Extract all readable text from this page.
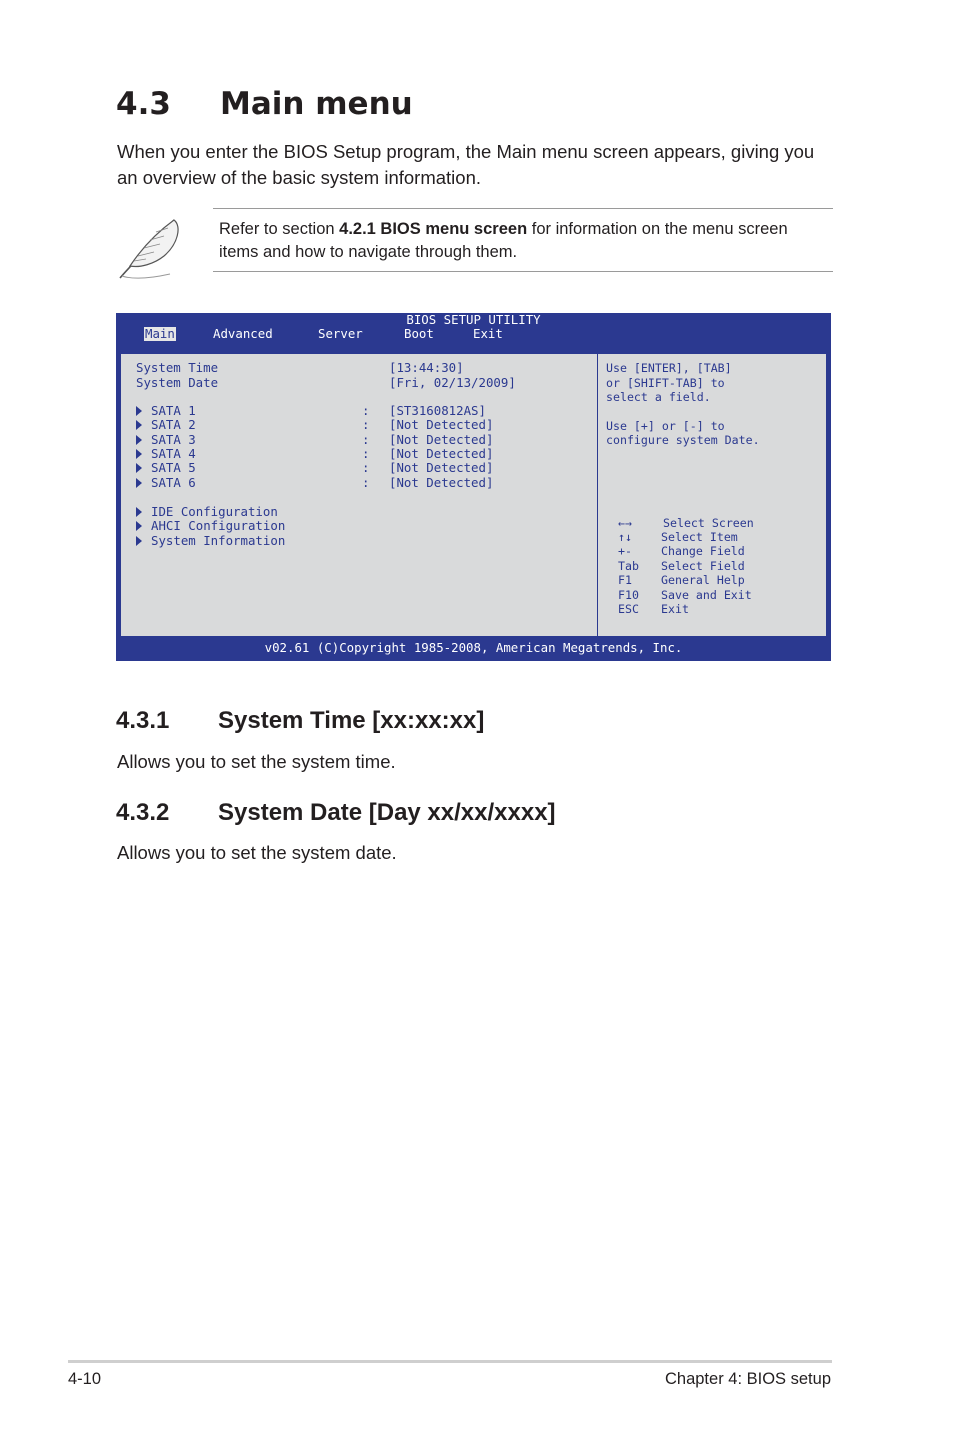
4.3 Main menu

When you enter the BIOS Setup program, the Main menu screen appears, giving you an overview of the basic system information.

Refer to section 4.2.1 BIOS menu screen for information on the menu screen items and how to navigate through them.

BIOS SETUP UTILITY
Main	Advanced	Server	Boot	Exit
System Time	[13:44:30]
System Date	[Fri, 02/13/2009]
SATA 1	: [ST3160812AS]
SATA 2	: [Not Detected]
SATA 3	: [Not Detected]
SATA 4	: [Not Detected]
SATA 5	: [Not Detected]
SATA 6	: [Not Detected]
IDE Configuration
AHCI Configuration
System Information
Use [ENTER], [TAB]
or [SHIFT-TAB] to
select a field.
Use [+] or [-] to
configure system Date.
←→	Select Screen
↑↓	Select Item
+-	Change Field
Tab Select Field
F1	General Help
F10 Save and Exit
ESC Exit
v02.61 (C)Copyright 1985-2008, American Megatrends, Inc.
4.3.1 System Time [xx:xx:xx]

Allows you to set the system time.

4.3.2 System Date [Day xx/xx/xxxx]

Allows you to set the system date.

4-10	Chapter 4: BIOS setup
